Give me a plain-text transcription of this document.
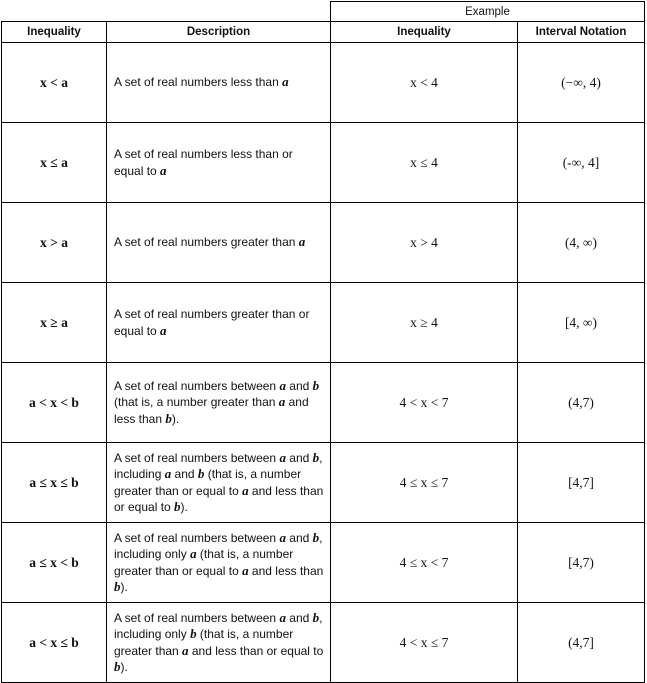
		Example	
Inequality	Description	Inequality	Interval Notation
x < a	A set of real numbers less than a	x < 4	(−∞, 4)
x ≤ a	A set of real numbers less than or equal to a	x ≤ 4	(-∞, 4]
x > a	A set of real numbers greater than a	x > 4	(4, ∞)
x ≥ a	A set of real numbers greater than or equal to a	x ≥ 4	[4, ∞)
a < x < b	A set of real numbers between a and b (that is, a number greater than a and less than b).	4 < x < 7	(4,7)
a ≤ x ≤ b	A set of real numbers between a and b, including a and b (that is, a number greater than or equal to a and less than or equal to b).	4 ≤ x ≤ 7	[4,7]
a ≤ x < b	A set of real numbers between a and b, including only a (that is, a number greater than or equal to a and less than b).	4 ≤ x < 7	[4,7)
a < x ≤ b	A set of real numbers between a and b, including only b (that is, a number greater than a and less than or equal to b).	4 < x ≤ 7	(4,7]
